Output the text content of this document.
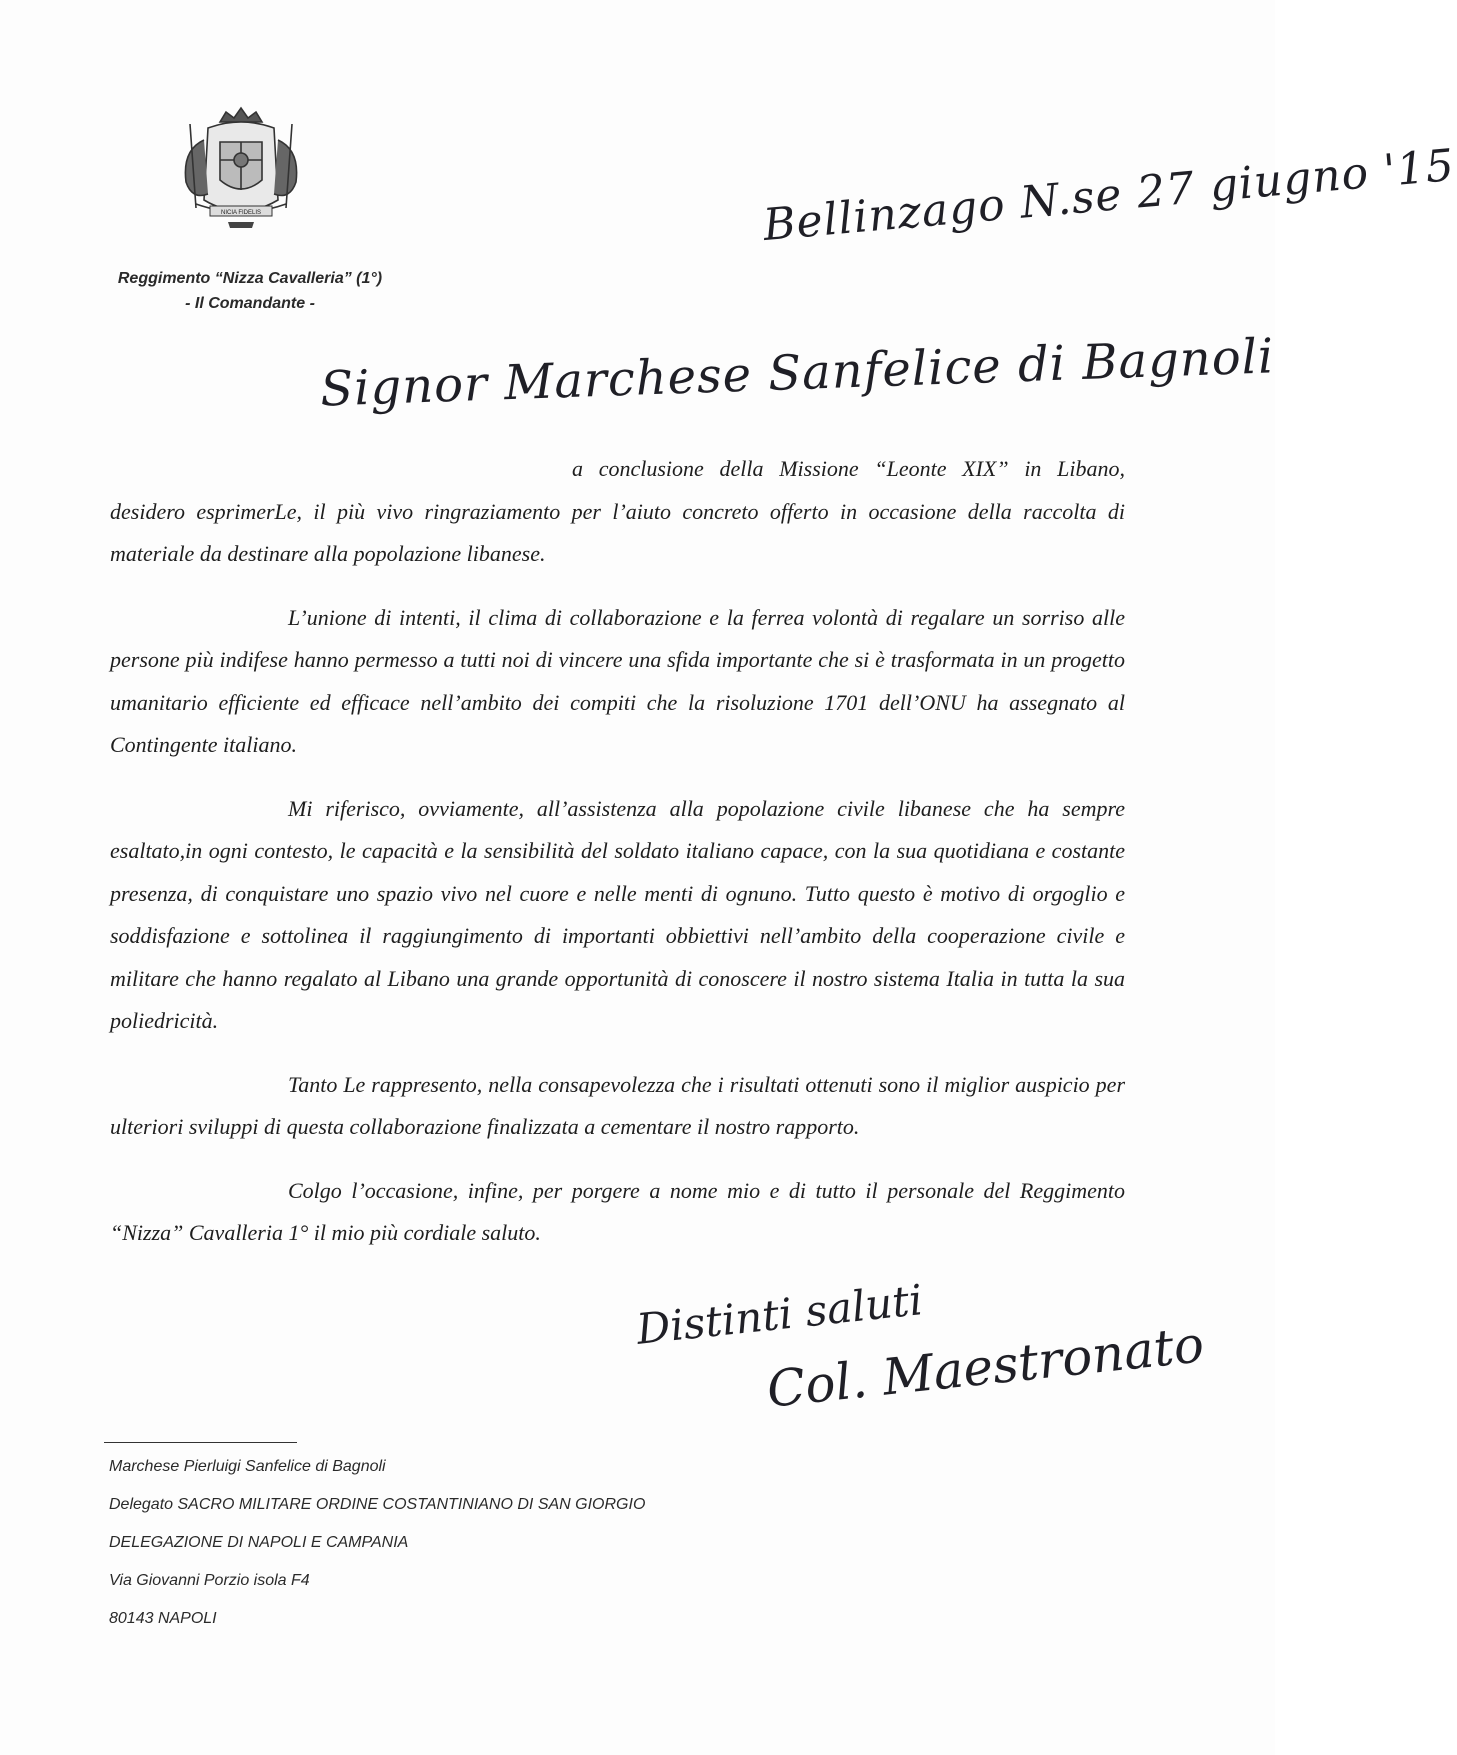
NICIA FIDELIS
Reggimento “Nizza Cavalleria” (1°)
- Il Comandante -
Bellinzago N.se 27 giugno '15
Signor Marchese Sanfelice di Bagnoli

a conclusione della Missione “Leonte XIX” in Libano, desidero esprimerLe, il più vivo ringraziamento per l’aiuto concreto offerto in occasione della raccolta di materiale da destinare alla popolazione libanese.

L’unione di intenti, il clima di collaborazione e la ferrea volontà di regalare un sorriso alle persone più indifese hanno permesso a tutti noi di vincere una sfida importante che si è trasformata in un progetto umanitario efficiente ed efficace nell’ambito dei compiti che la risoluzione 1701 dell’ONU ha assegnato al Contingente italiano.

Mi riferisco, ovviamente, all’assistenza alla popolazione civile libanese che ha sempre esaltato,in ogni contesto, le capacità e la sensibilità del soldato italiano capace, con la sua quotidiana e costante presenza, di conquistare uno spazio vivo nel cuore e nelle menti di ognuno. Tutto questo è motivo di orgoglio e soddisfazione e sottolinea il raggiungimento di importanti obbiettivi nell’ambito della cooperazione civile e militare che hanno regalato al Libano una grande opportunità di conoscere il nostro sistema Italia in tutta la sua poliedricità.

Tanto Le rappresento, nella consapevolezza che i risultati ottenuti sono il miglior auspicio per ulteriori sviluppi di questa collaborazione finalizzata a cementare il nostro rapporto.

Colgo l’occasione, infine, per porgere a nome mio e di tutto il personale del Reggimento “Nizza” Cavalleria 1° il mio più cordiale saluto.

Distinti saluti
Col. Maestronato
Marchese Pierluigi Sanfelice di Bagnoli
Delegato SACRO MILITARE ORDINE COSTANTINIANO DI SAN GIORGIO
DELEGAZIONE DI NAPOLI E CAMPANIA
Via Giovanni Porzio isola F4
80143 NAPOLI
